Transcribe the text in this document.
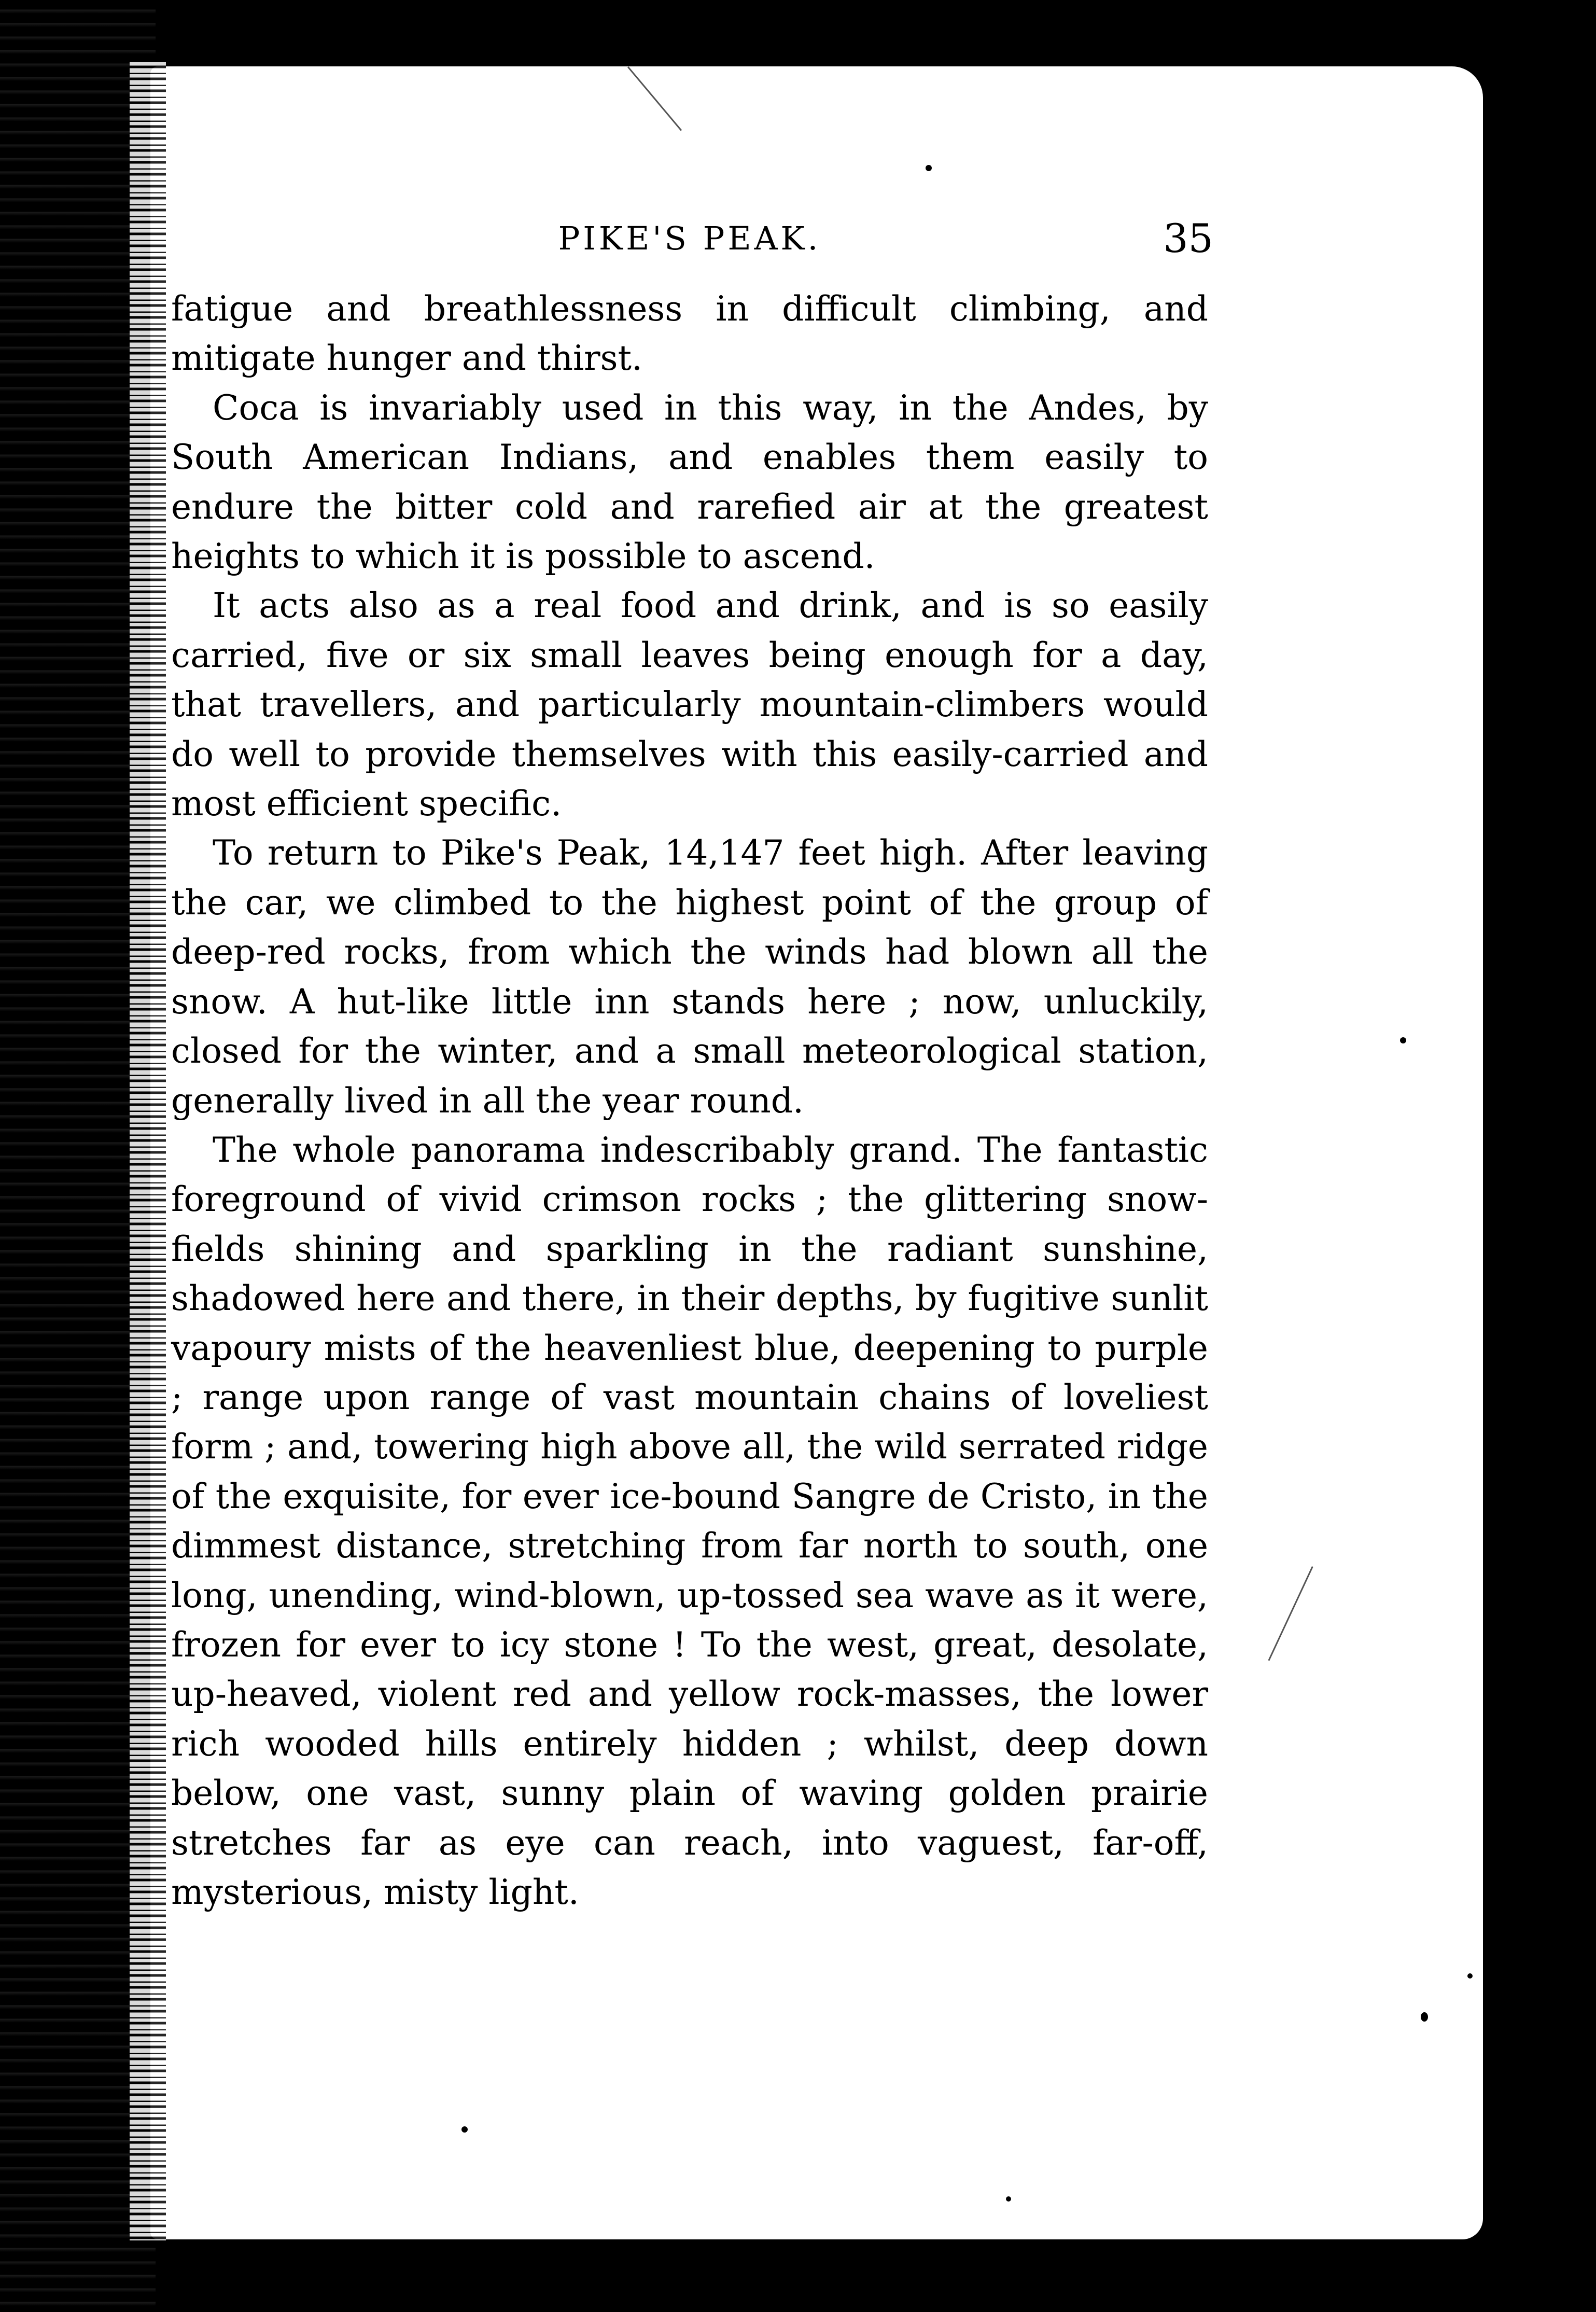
PIKE'S PEAK.	35

fatigue and breathlessness in difficult climbing, and mitigate hunger and thirst.

Coca is invariably used in this way, in the Andes, by South American Indians, and enables them easily to endure the bitter cold and rarefied air at the greatest heights to which it is possible to ascend.

It acts also as a real food and drink, and is so easily carried, five or six small leaves being enough for a day, that travellers, and particularly mountain-climbers would do well to provide themselves with this easily-carried and most efficient specific.

To return to Pike's Peak, 14,147 feet high. After leaving the car, we climbed to the highest point of the group of deep-red rocks, from which the winds had blown all the snow. A hut-like little inn stands here ; now, unluckily, closed for the winter, and a small meteorological station, generally lived in all the year round.

The whole panorama indescribably grand. The fantastic foreground of vivid crimson rocks ; the glittering snow-fields shining and sparkling in the radiant sunshine, shadowed here and there, in their depths, by fugitive sunlit vapoury mists of the heavenliest blue, deepening to purple ; range upon range of vast mountain chains of loveliest form ; and, towering high above all, the wild serrated ridge of the exquisite, for ever ice-bound Sangre de Cristo, in the dimmest distance, stretching from far north to south, one long, unending, wind-blown, up-tossed sea wave as it were, frozen for ever to icy stone ! To the west, great, desolate, up-heaved, violent red and yellow rock-masses, the lower rich wooded hills entirely hidden ; whilst, deep down below, one vast, sunny plain of waving golden prairie stretches far as eye can reach, into vaguest, far-off, mysterious, misty light.
